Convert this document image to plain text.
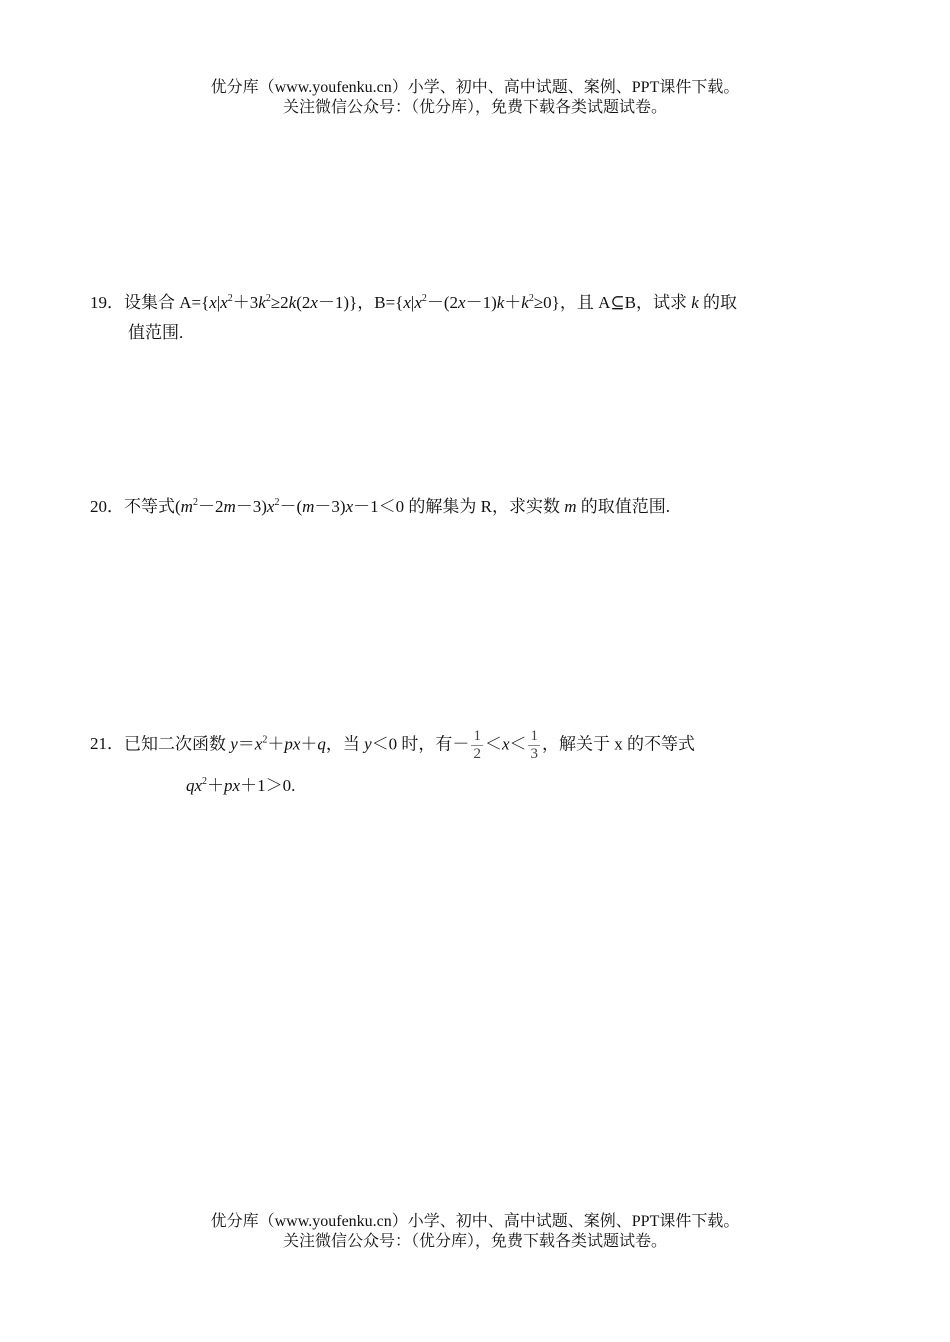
优分库（www.youfenku.cn）小学、初中、高中试题、案例、PPT课件下载。
关注微信公众号：（优分库），免费下载各类试题试卷。
19．设集合 $A=\{x|x^2+3k^2\ge 2k(2x-1)\}$，$B=\{x|x^2-(2x-1)k+k^2\ge 0\}$，且 A⊆B，试求 k 的取
值范围.
20．不等式$(m^2-2m-3)x^2-(m-3)x-1<0$ 的解集为 R，求实数 m 的取值范围.
21．已知二次函数 $y=x^2+px+q$，当 y＜0 时，有－ $\frac{1}{2} <x< \frac{1}{3}$ ，解关于 x 的不等式
$qx^2+px+1>0$.
优分库（www.youfenku.cn）小学、初中、高中试题、案例、PPT课件下载。
关注微信公众号：（优分库），免费下载各类试题试卷。
